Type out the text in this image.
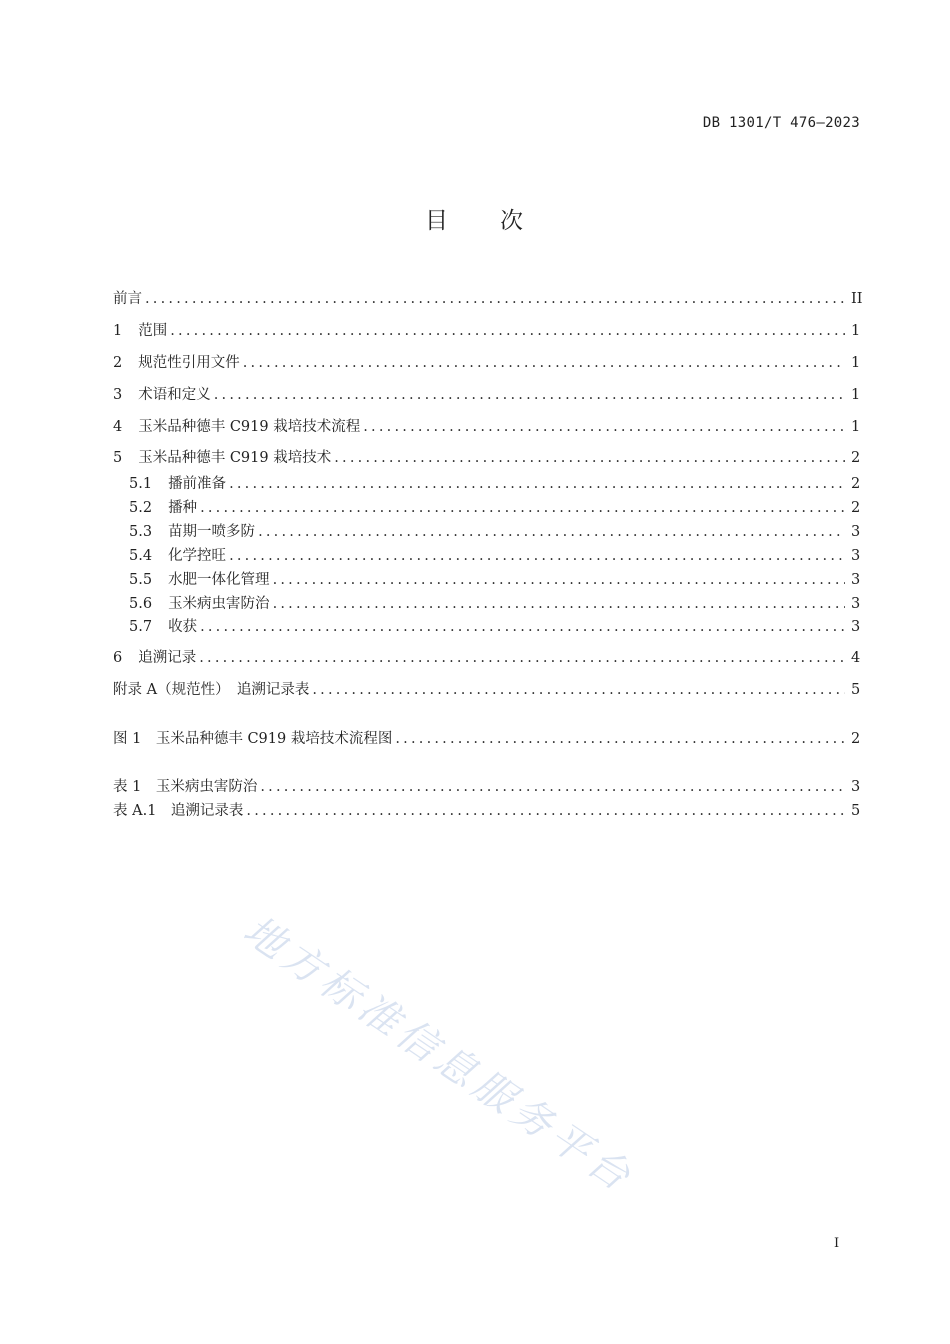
DB 1301/T 476—2023
目 次
前言 .....	II
1 范围 .....	1
2 规范性引用文件 .....	1
3 术语和定义 .....	1
4 玉米品种德丰 C919 栽培技术流程 .....	1
5 玉米品种德丰 C919 栽培技术 .....	2
5.1 播前准备 .....	2
5.2 播种 .....	2
5.3 苗期一喷多防 .....	3
5.4 化学控旺 .....	3
5.5 水肥一体化管理 .....	3
5.6 玉米病虫害防治 .....	3
5.7 收获 .....	3
6 追溯记录 .....	4
附录 A（规范性）　追溯记录表 .....	5
图 1　玉米品种德丰 C919 栽培技术流程图 .....	2
表 1　玉米病虫害防治 .....	3
表 A.1　追溯记录表 .....	5
地方标准信息服务平台
I
